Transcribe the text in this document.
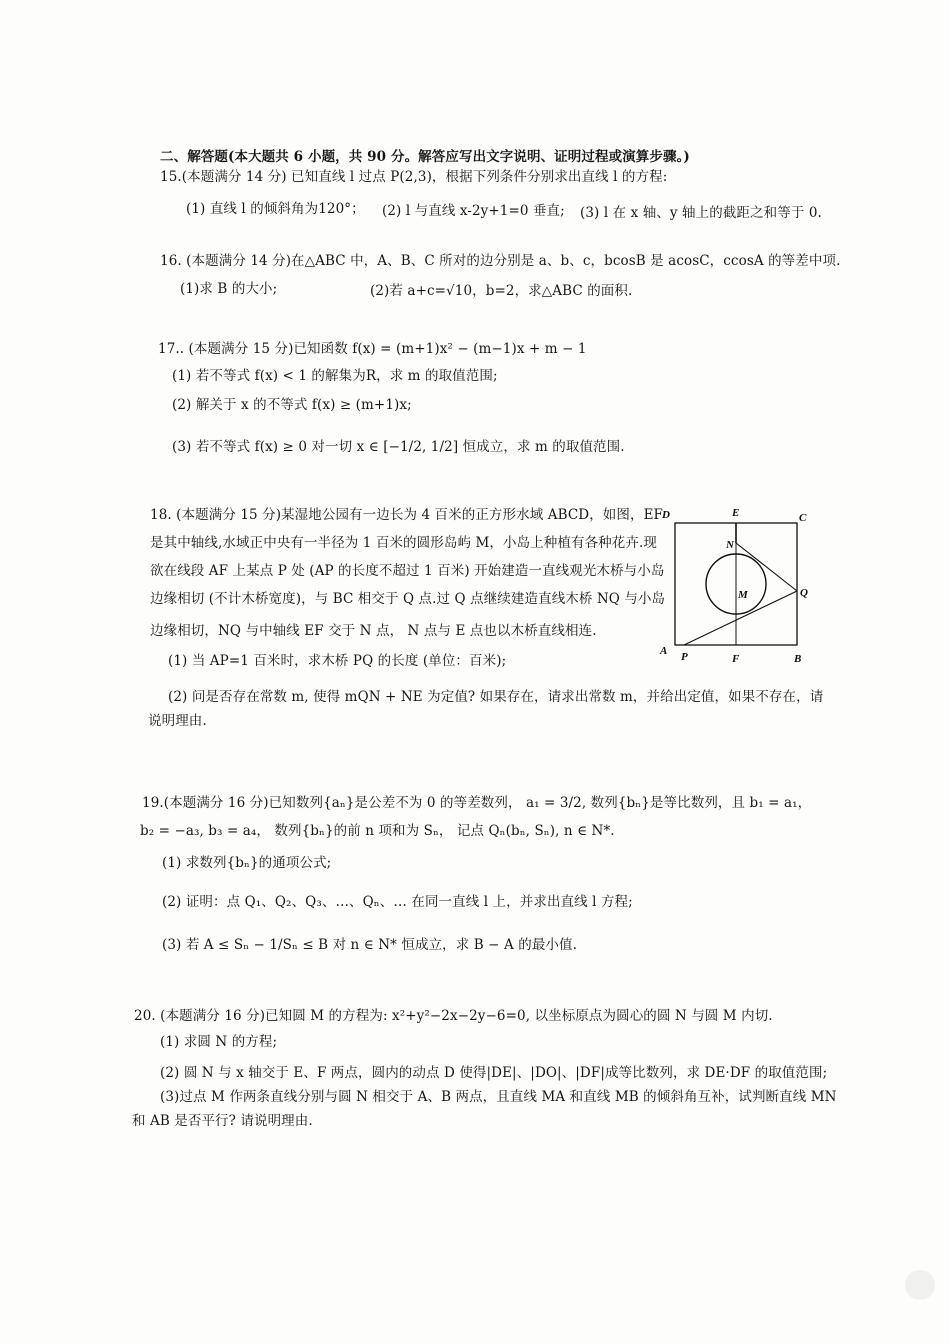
二、解答题(本大题共 6 小题，共 90 分。解答应写出文字说明、证明过程或演算步骤。)
15.(本题满分 14 分) 已知直线 l 过点 P(2,3)，根据下列条件分别求出直线 l 的方程:
(1) 直线 l 的倾斜角为120°； (2) l 与直线 x-2y+1=0 垂直; (3) l 在 x 轴、y 轴上的截距之和等于 0.
16. (本题满分 14 分)在△ABC 中，A、B、C 所对的边分别是 a、b、c，bcosB 是 acosC，ccosA 的等差中项.
(1)求 B 的大小;	(2)若 a+c=√10，b=2，求△ABC 的面积.
17.. (本题满分 15 分)已知函数 f(x) = (m+1)x² − (m−1)x + m − 1
(1) 若不等式 f(x) < 1 的解集为R，求 m 的取值范围;
(2) 解关于 x 的不等式 f(x) ≥ (m+1)x;
(3) 若不等式 f(x) ≥ 0 对一切 x ∈ [−1/2, 1/2] 恒成立，求 m 的取值范围.
18. (本题满分 15 分)某湿地公园有一边长为 4 百米的正方形水域 ABCD，如图，EF
是其中轴线,水域正中央有一半径为 1 百米的圆形岛屿 M，小岛上种植有各种花卉.现
欲在线段 AF 上某点 P 处 (AP 的长度不超过 1 百米) 开始建造一直线观光木桥与小岛
边缘相切 (不计木桥宽度)，与 BC 相交于 Q 点.过 Q 点继续建造直线木桥 NQ 与小岛
边缘相切，NQ 与中轴线 EF 交于 N 点， N 点与 E 点也以木桥直线相连.
(1) 当 AP=1 百米时，求木桥 PQ 的长度 (单位：百米);
(2) 问是否存在常数 m, 使得 mQN + NE 为定值? 如果存在，请求出常数 m，并给出定值，如果不存在，请
说明理由.
D	E	C
N
M	Q
A P	F	B
19.(本题满分 16 分)已知数列{aₙ}是公差不为 0 的等差数列， a₁ = 3/2, 数列{bₙ}是等比数列，且 b₁ = a₁，
b₂ = −a₃, b₃ = a₄， 数列{bₙ}的前 n 项和为 Sₙ， 记点 Qₙ(bₙ, Sₙ), n ∈ N*.
(1) 求数列{bₙ}的通项公式;
(2) 证明：点 Q₁、Q₂、Q₃、…、Qₙ、… 在同一直线 l 上，并求出直线 l 方程;
(3) 若 A ≤ Sₙ − 1/Sₙ ≤ B 对 n ∈ N* 恒成立，求 B − A 的最小值.
20. (本题满分 16 分)已知圆 M 的方程为: x²+y²−2x−2y−6=0, 以坐标原点为圆心的圆 N 与圆 M 内切.
(1) 求圆 N 的方程;
(2) 圆 N 与 x 轴交于 E、F 两点，圆内的动点 D 使得|DE|、|DO|、|DF|成等比数列，求 DE·DF 的取值范围;
(3)过点 M 作两条直线分别与圆 N 相交于 A、B 两点，且直线 MA 和直线 MB 的倾斜角互补，试判断直线 MN
和 AB 是否平行? 请说明理由.
